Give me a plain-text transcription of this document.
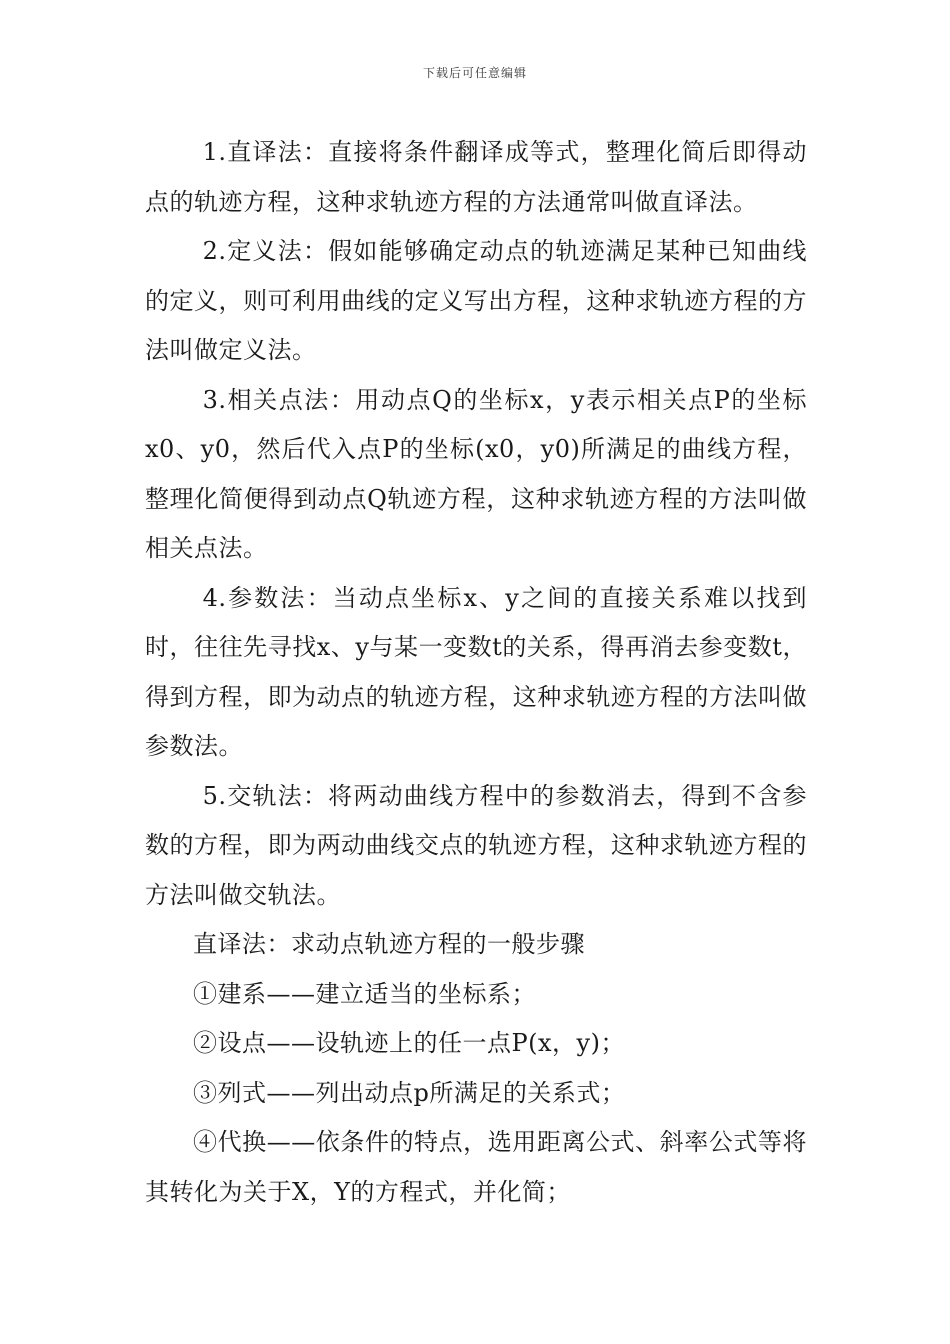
下载后可任意编辑

1.直译法：直接将条件翻译成等式，整理化简后即得动点的轨迹方程，这种求轨迹方程的方法通常叫做直译法。

2.定义法：假如能够确定动点的轨迹满足某种已知曲线的定义，则可利用曲线的定义写出方程，这种求轨迹方程的方法叫做定义法。

3.相关点法：用动点Q的坐标x，y表示相关点P的坐标x0、y0，然后代入点P的坐标(x0，y0)所满足的曲线方程，整理化简便得到动点Q轨迹方程，这种求轨迹方程的方法叫做相关点法。

4.参数法：当动点坐标x、y之间的直接关系难以找到时，往往先寻找x、y与某一变数t的关系，得再消去参变数t，得到方程，即为动点的轨迹方程，这种求轨迹方程的方法叫做参数法。

5.交轨法：将两动曲线方程中的参数消去，得到不含参数的方程，即为两动曲线交点的轨迹方程，这种求轨迹方程的方法叫做交轨法。

直译法：求动点轨迹方程的一般步骤

①建系——建立适当的坐标系；

②设点——设轨迹上的任一点P(x，y)；

③列式——列出动点p所满足的关系式；

④代换——依条件的特点，选用距离公式、斜率公式等将其转化为关于X，Y的方程式，并化简；
